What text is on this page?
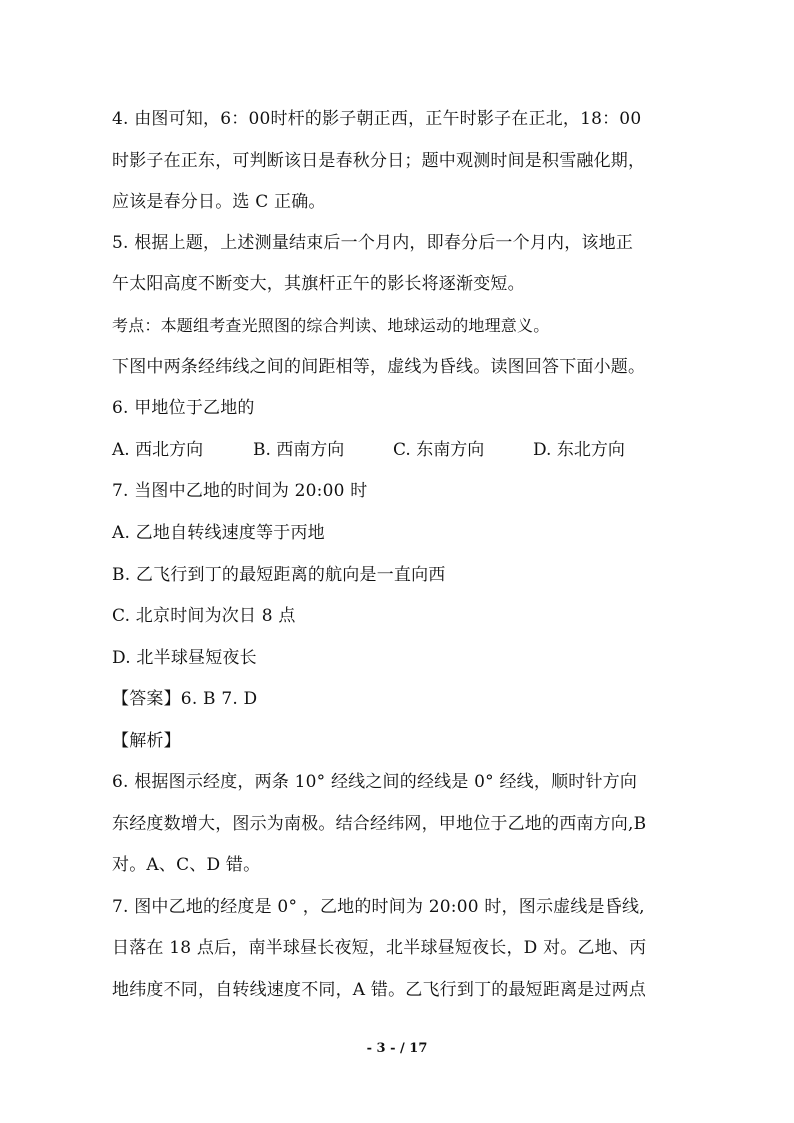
4. 由图可知，6：00时杆的影子朝正西，正午时影子在正北，18：00
时影子在正东，可判断该日是春秋分日；题中观测时间是积雪融化期，
应该是春分日。选 C 正确。
5. 根据上题，上述测量结束后一个月内，即春分后一个月内，该地正
午太阳高度不断变大，其旗杆正午的影长将逐渐变短。
考点：本题组考查光照图的综合判读、地球运动的地理意义。
下图中两条经纬线之间的间距相等，虚线为昏线。读图回答下面小题。
6. 甲地位于乙地的
A. 西北方向	B. 西南方向	C. 东南方向	D. 东北方向
7. 当图中乙地的时间为 20:00 时
A. 乙地自转线速度等于丙地
B. 乙飞行到丁的最短距离的航向是一直向西
C. 北京时间为次日 8 点
D. 北半球昼短夜长
【答案】6. B 7. D
【解析】
6. 根据图示经度，两条 10° 经线之间的经线是 0° 经线，顺时针方向
东经度数增大，图示为南极。结合经纬网，甲地位于乙地的西南方向,B
对。A、C、D 错。
7. 图中乙地的经度是 0° ，乙地的时间为 20:00 时，图示虚线是昏线,
日落在 18 点后，南半球昼长夜短，北半球昼短夜长，D 对。乙地、丙
地纬度不同，自转线速度不同，A 错。乙飞行到丁的最短距离是过两点
- 3 - / 17
